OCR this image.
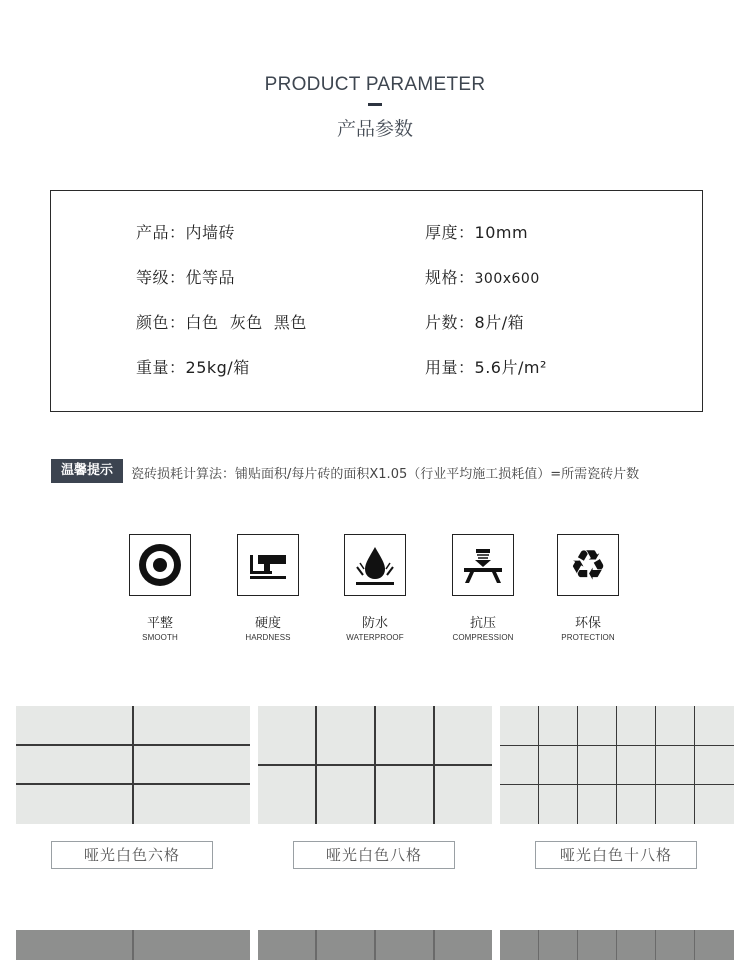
PRODUCT PARAMETER
产品参数
产品：内墙砖	厚度：10mm
等级：优等品	规格：300x600
颜色：白色  灰色  黑色	片数：8片/箱
重量：25kg/箱	用量：5.6片/m²
温馨提示	瓷砖损耗计算法：铺贴面积/每片砖的面积X1.05（行业平均施工损耗值）=所需瓷砖片数
平整
SMOOTH
硬度
HARDNESS
防水
WATERPROOF
抗压
COMPRESSION
♻
环保
PROTECTION
哑光白色六格	哑光白色八格	哑光白色十八格
